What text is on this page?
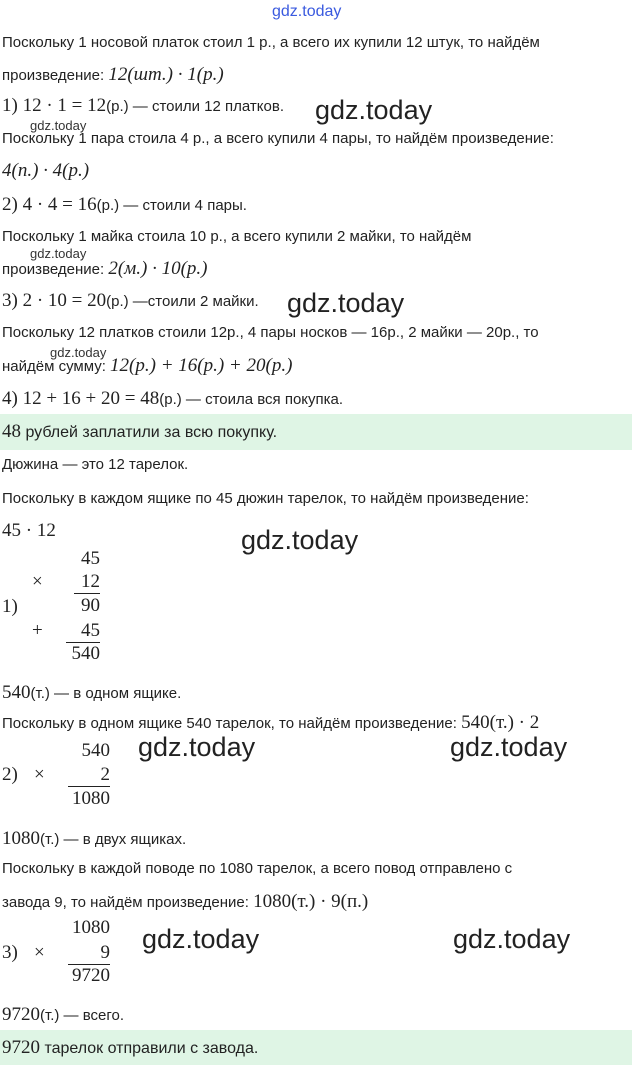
gdz.today
Поскольку 1 носовой платок стоил 1 р., а всего их купили 12 штук, то найдём
произведение: 12(шт.) · 1(р.)
1) 12 · 1 = 12(р.) — стоили 12 платков. gdz.today
gdz.today
Поскольку 1 пара стоила 4 р., а всего купили 4 пары, то найдём произведение:
4(п.) · 4(р.)
2) 4 · 4 = 16(р.) — стоили 4 пары.
Поскольку 1 майка стоила 10 р., а всего купили 2 майки, то найдём
gdz.today
произведение: 2(м.) · 10(р.)
3) 2 · 10 = 20(р.) —стоили 2 майки. gdz.today
Поскольку 12 платков стоили 12р., 4 пары носков — 16р., 2 майки — 20р., то
gdz.today
найдём сумму: 12(р.) + 16(р.) + 20(р.)
4) 12 + 16 + 20 = 48(р.) — стоила вся покупка.
48 рублей заплатили за всю покупку.
Дюжина — это 12 тарелок.
Поскольку в каждом ящике по 45 дюжин тарелок, то найдём произведение:
45 · 12	gdz.today
1)
45
×	12
90
+	45
540
540(т.) — в одном ящике.
Поскольку в одном ящике 540 тарелок, то найдём произведение: 540(т.) · 2
2)
540
×	2
1080
gdz.today	gdz.today
1080(т.) — в двух ящиках.
Поскольку в каждой поводе по 1080 тарелок, а всего повод отправлено с
завода 9, то найдём произведение: 1080(т.) · 9(п.)
3)
1080
×	9
9720
gdz.today	gdz.today
9720(т.) — всего.
9720 тарелок отправили с завода.
